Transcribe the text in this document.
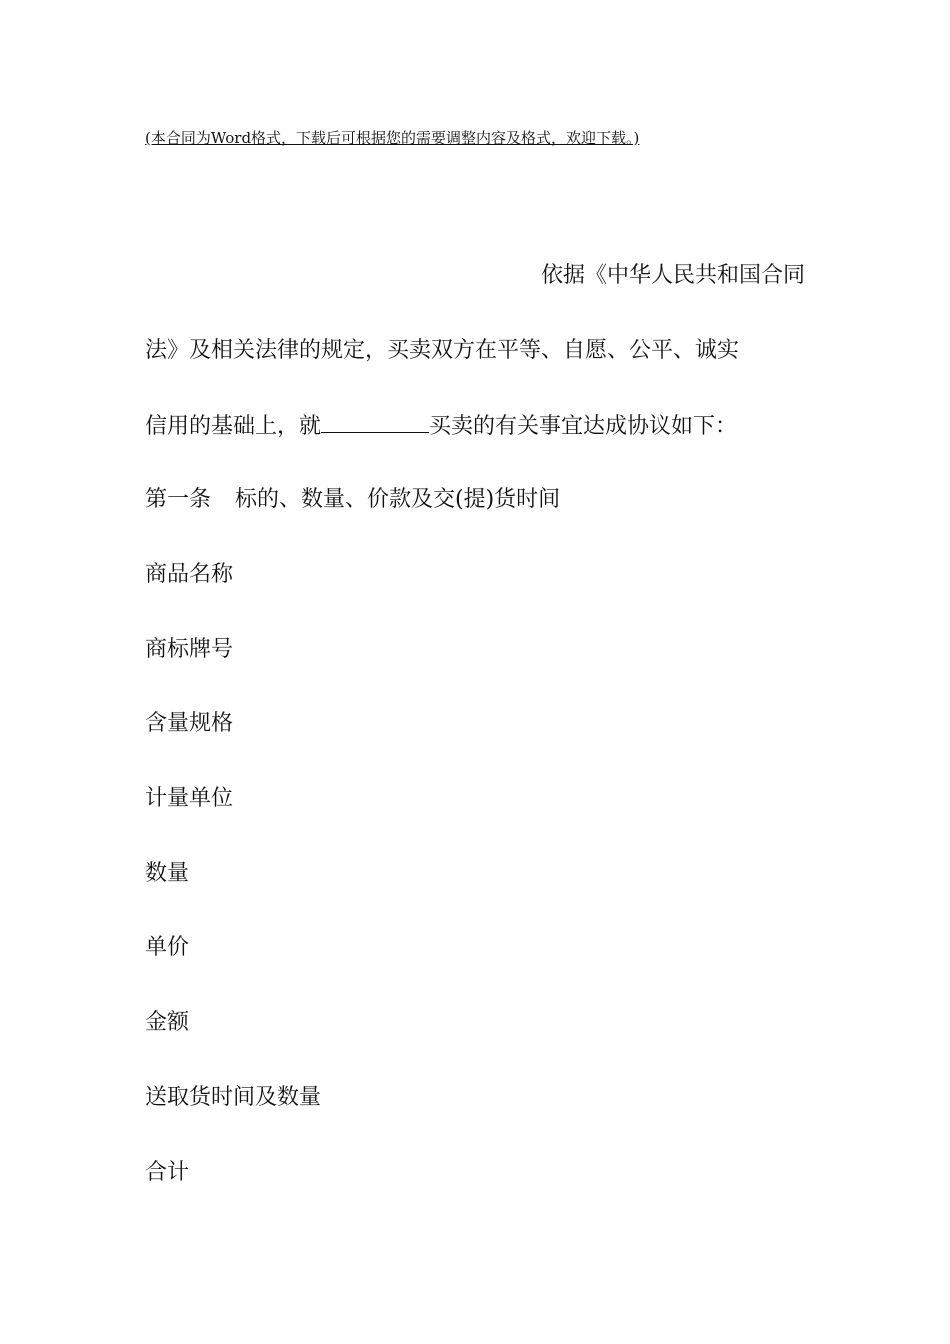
(本合同为Word格式，下载后可根据您的需要调整内容及格式，欢迎下载。)
依据《中华人民共和国合同
法》及相关法律的规定，买卖双方在平等、自愿、公平、诚实
信用的基础上，就	买卖的有关事宜达成协议如下：
第一条 标的、数量、价款及交(提)货时间
商品名称
商标牌号
含量规格
计量单位
数量
单价
金额
送取货时间及数量
合计
